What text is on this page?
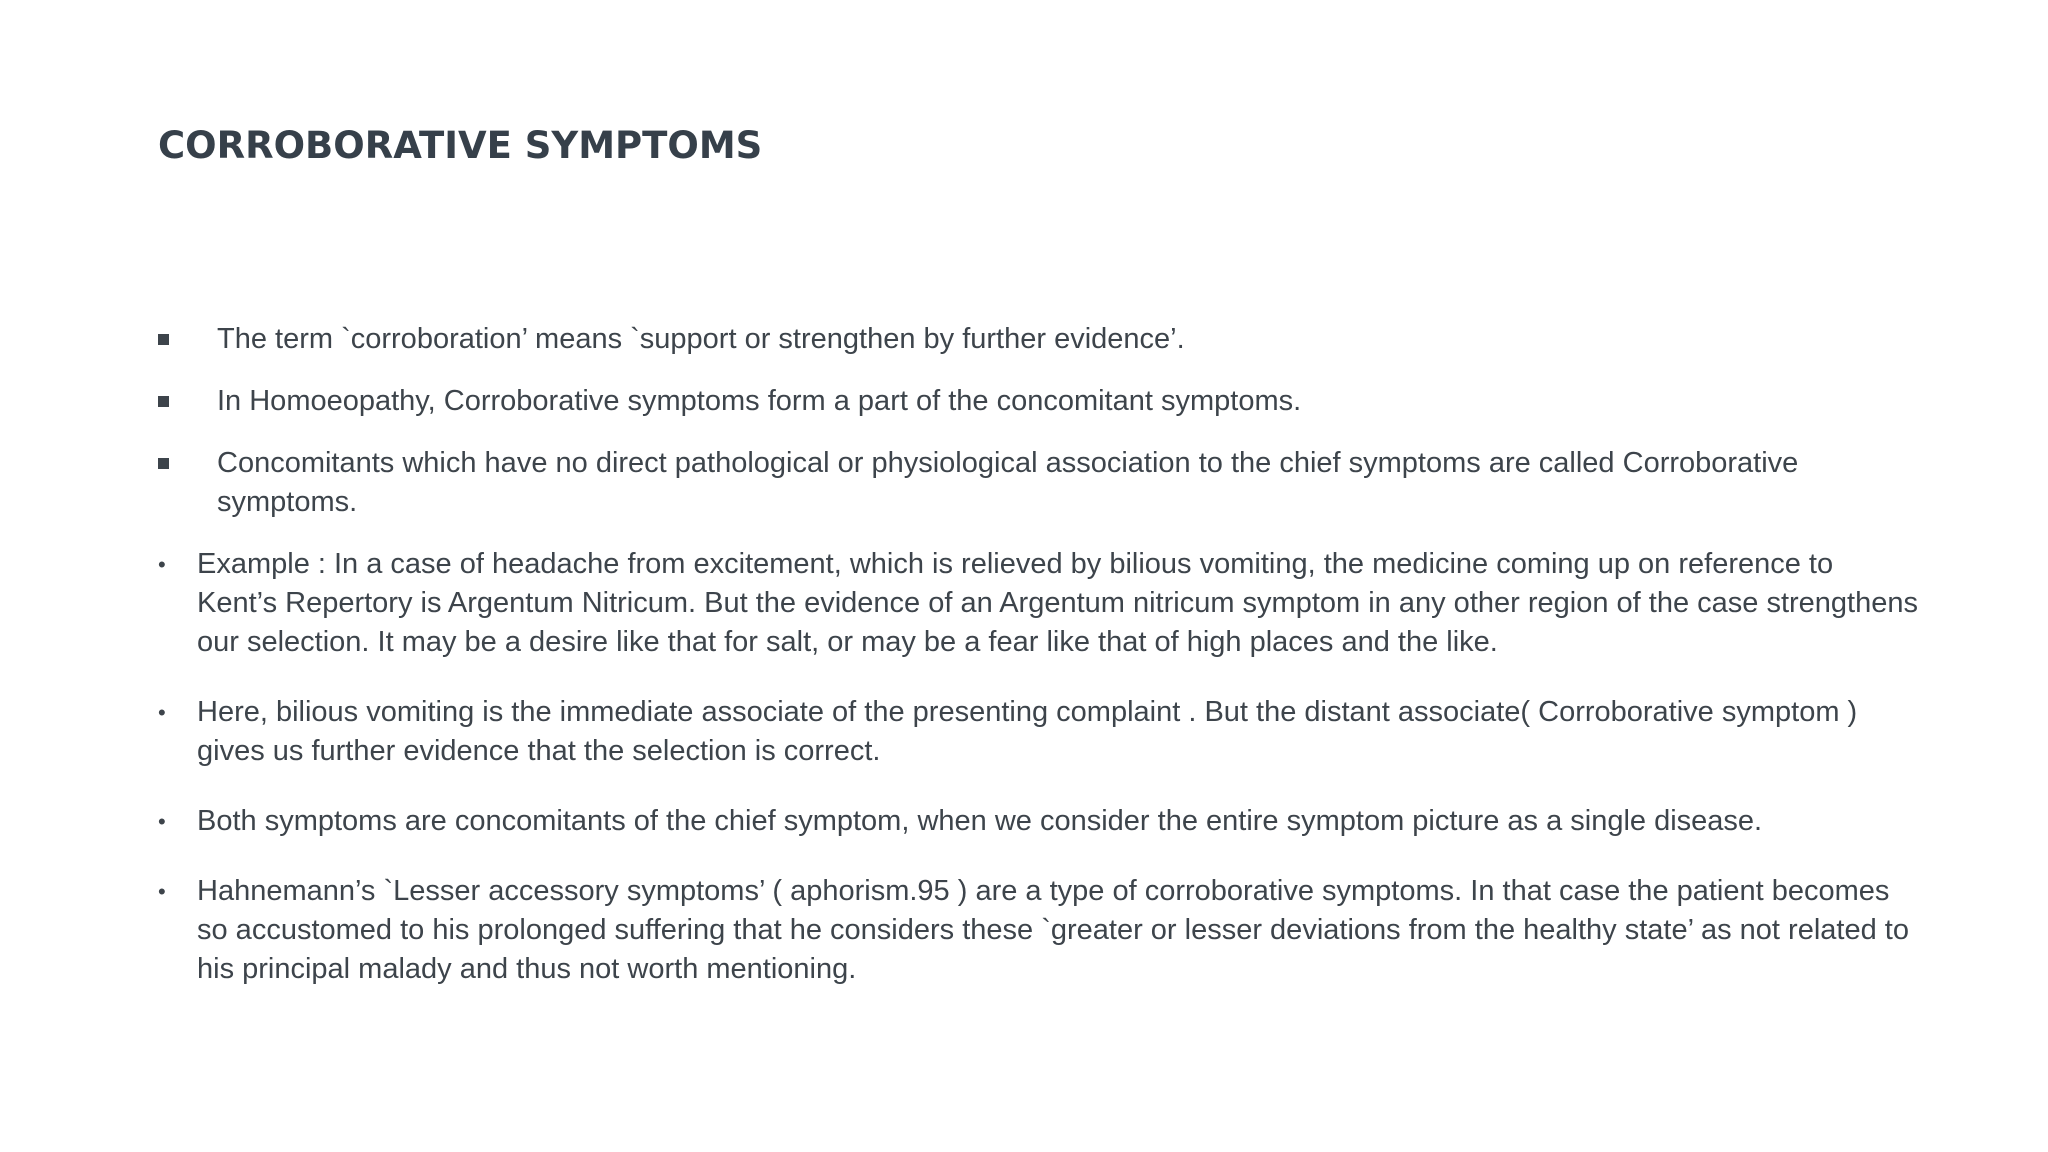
CORROBORATIVE SYMPTOMS
The term `corroboration’ means `support or strengthen by further evidence’.
In Homoeopathy, Corroborative symptoms form a part of the concomitant symptoms.
Concomitants which have no direct pathological or physiological association to the chief symptoms are called Corroborative symptoms.
•	Example : In a case of headache from excitement, which is relieved by bilious vomiting, the medicine coming up on reference to Kent’s Repertory is Argentum Nitricum. But the evidence of an Argentum nitricum symptom in any other region of the case strengthens our selection. It may be a desire like that for salt, or may be a fear like that of high places and the like.
•	Here, bilious vomiting is the immediate associate of the presenting complaint . But the distant associate( Corroborative symptom ) gives us further evidence that the selection is correct.
•	Both symptoms are concomitants of the chief symptom, when we consider the entire symptom picture as a single disease.
•	Hahnemann’s `Lesser accessory symptoms’ ( aphorism.95 ) are a type of corroborative symptoms. In that case the patient becomes so accustomed to his prolonged suffering that he considers these `greater or lesser deviations from the healthy state’ as not related to his principal malady and thus not worth mentioning.
